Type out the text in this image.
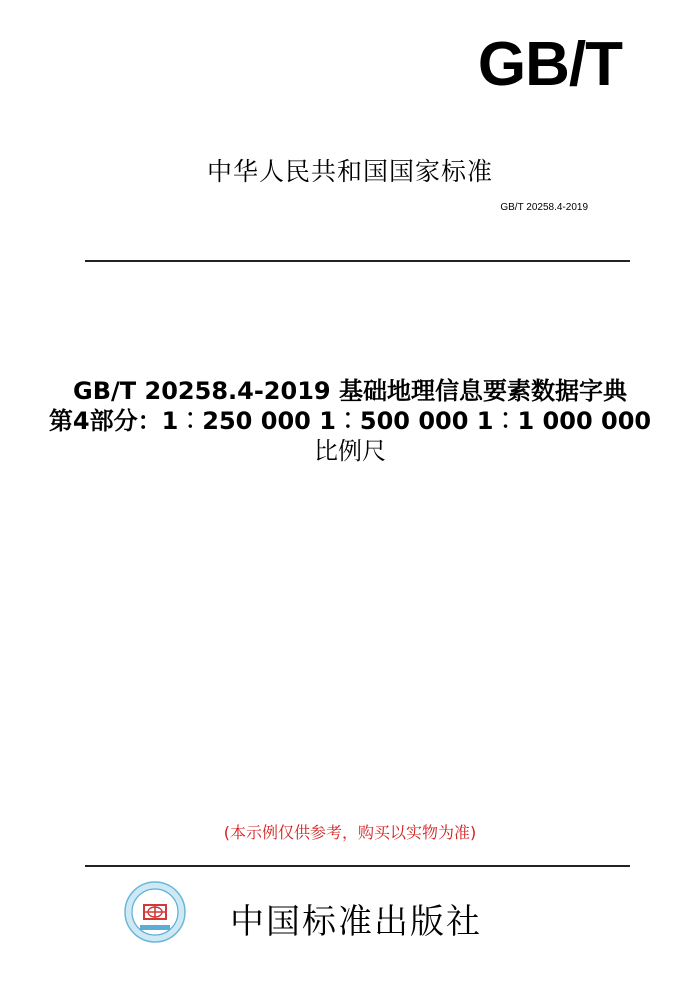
GB/T
中华人民共和国国家标准
GB/T 20258.4-2019
GB/T 20258.4-2019 基础地理信息要素数据字典
第4部分：1︰250 000 1︰500 000 1︰1 000 000
比例尺
(本示例仅供参考，购买以实物为准)
中国标准出版社
